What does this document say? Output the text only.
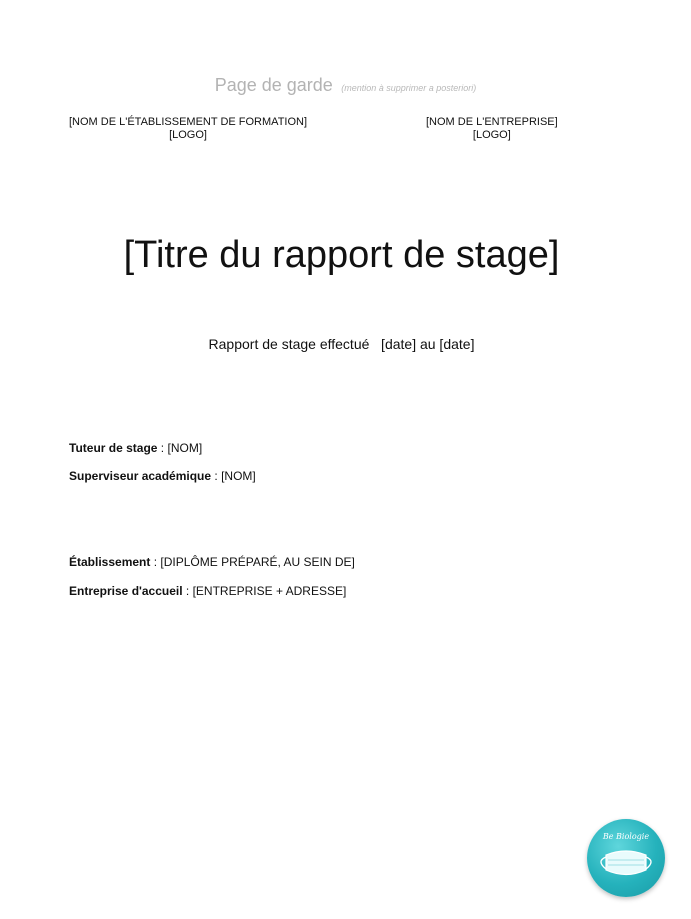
Page de garde (mention à supprimer a posteriori)
[NOM DE L'ÉTABLISSEMENT DE FORMATION]
[LOGO]
[NOM DE L'ENTREPRISE]
[LOGO]
[Titre du rapport de stage]
Rapport de stage effectué   [date] au [date]
Tuteur de stage : [NOM]
Superviseur académique : [NOM]
Établissement : [DIPLÔME PRÉPARÉ, AU SEIN DE]
Entreprise d'accueil : [ENTREPRISE + ADRESSE]
Be Biologie
